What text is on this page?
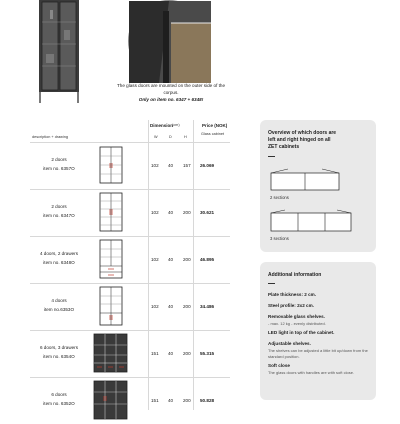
The glass doors are mounted on the outer side of the corpus.
Only on item no. 6347 + 6348!
Dimension
(cm)	Price (NOK)
Glass cabinet
description + drawing	W	D	H
2 doors
item no. 6357O
102 40 157 26.069
2 doors
item no. 6347O
102 40 200 30.621
4 doors, 2 drawers
item no. 6348O
102 40 200 46.895
4 doors
item no.6353O
102 40 200 34.486
6 doors, 3 drawers
item no. 6354O
151 40 200 55.315
6 doors
item no. 6352O
151 40 200 50.828
Overview of which doors are
left and right hinged on all
ZET cabinets
2 sections
3 sections
Additional information
Plate thickness: 2 cm.
Steel profile: 2x2 cm.
Removable glass shelves.
- max. 12 kg - evenly distributed.
LED light in top of the cabinet.
Adjustable shelves.
The shelves can be adjusted a little bit up/down from the standard position.
Soft close
The glass doors with handles are with soft close.
